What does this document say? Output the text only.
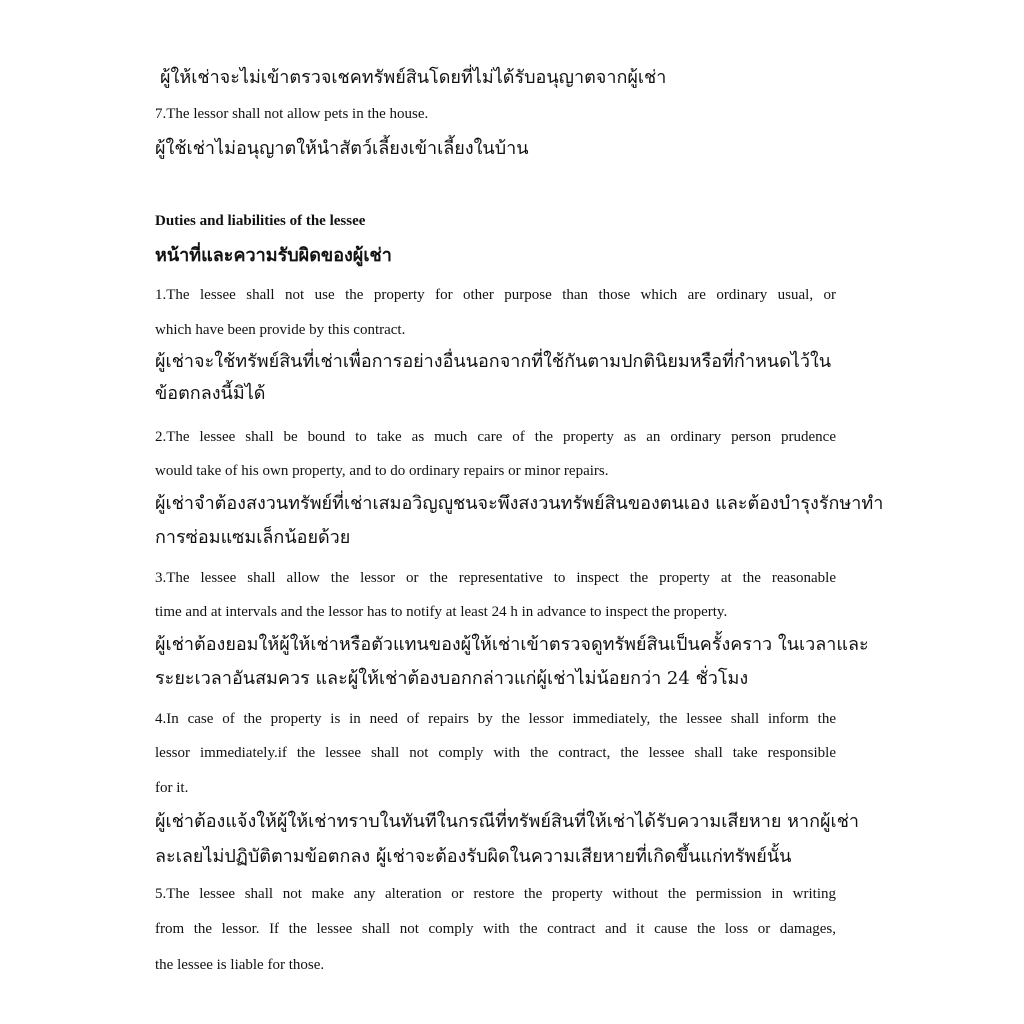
ผู้ให้เช่าจะไม่เข้าตรวจเชคทรัพย์สินโดยที่ไม่ได้รับอนุญาตจากผู้เช่า

7.The lessor shall not allow pets in the house.

ผู้ใช้เช่าไม่อนุญาตให้นำสัตว์เลี้ยงเข้าเลี้ยงในบ้าน

Duties and liabilities of the lessee

หน้าที่และความรับผิดของผู้เช่า

1.The lessee shall not use the property for other purpose than those which are ordinary usual, or

which have been provide by this contract.

ผู้เช่าจะใช้ทรัพย์สินที่เช่าเพื่อการอย่างอื่นนอกจากที่ใช้กันตามปกตินิยมหรือที่กำหนดไว้ใน

ข้อตกลงนี้มิได้

2.The lessee shall be bound to take as much care of the property as an ordinary person prudence

would take of his own property, and to do ordinary repairs or minor repairs.

ผู้เช่าจำต้องสงวนทรัพย์ที่เช่าเสมอวิญญูชนจะพึงสงวนทรัพย์สินของตนเอง และต้องบำรุงรักษาทำ

การซ่อมแซมเล็กน้อยด้วย

3.The lessee shall allow the lessor or the representative to inspect the property at the reasonable

time and at intervals and the lessor has to notify at least 24 h in advance to inspect the property.

ผู้เช่าต้องยอมให้ผู้ให้เช่าหรือตัวแทนของผู้ให้เช่าเข้าตรวจดูทรัพย์สินเป็นครั้งคราว ในเวลาและ

ระยะเวลาอันสมควร และผู้ให้เช่าต้องบอกกล่าวแก่ผู้เช่าไม่น้อยกว่า 24 ชั่วโมง

4.In case of the property is in need of repairs by the lessor immediately, the lessee shall inform the

lessor immediately.if the lessee shall not comply with the contract, the lessee shall take responsible

for it.

ผู้เช่าต้องแจ้งให้ผู้ให้เช่าทราบในทันทีในกรณีที่ทรัพย์สินที่ให้เช่าได้รับความเสียหาย หากผู้เช่า

ละเลยไม่ปฏิบัติตามข้อตกลง ผู้เช่าจะต้องรับผิดในความเสียหายที่เกิดขึ้นแก่ทรัพย์นั้น

5.The lessee shall not make any alteration or restore the property without the permission in writing

from the lessor. If the lessee shall not comply with the contract and it cause the loss or damages,

the lessee is liable for those.
